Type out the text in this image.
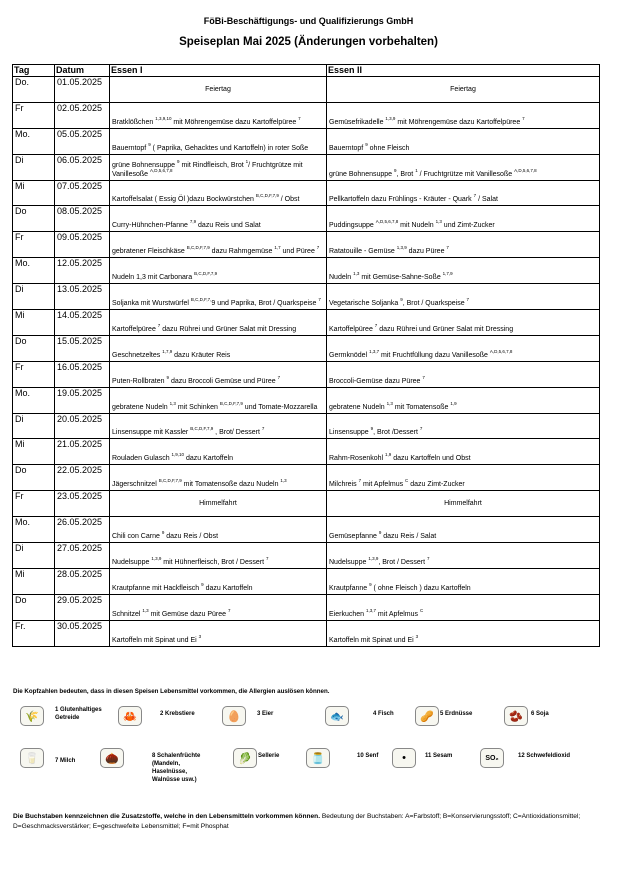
FöBi-Beschäftigungs- und Qualifizierungs GmbH
Speiseplan Mai 2025 (Änderungen vorbehalten)
Tag	Datum	Essen I	Essen II
Do.	01.05.2025	Feiertag	Feiertag
Fr	02.05.2025	Bratklößchen $^{1,3,9,10}$ mit Möhrengemüse dazu Kartoffelpüree $^7$	Gemüsefrikadelle $^{1,3,9}$ mit Möhrengemüse dazu Kartoffelpüree $^7$
Mo.	05.05.2025	Bauerntopf $^9$ ( Paprika, Gehacktes und Kartoffeln) in roter Soße	Bauerntopf $^9$ ohne Fleisch
Di	06.05.2025	grüne Bohnensuppe $^9$ mit Rindfleisch, Brot $^1$/ Fruchtgrütze mit Vanillesoße $^{A,D,5,6,7,8}$	grüne Bohnensuppe $^9$, Brot $^1$ / Fruchtgrütze mit Vanillesoße $^{A,D,5,6,7,8}$
Mi	07.05.2025	Kartoffelsalat ( Essig Öl )dazu Bockwürstchen $^{B,C,D,F,7,9}$ / Obst	Pellkartoffeln dazu Frühlings - Kräuter - Quark $^7$ / Salat
Do	08.05.2025	Curry-Hühnchen-Pfanne $^{7,9}$ dazu Reis und Salat	Puddingsuppe $^{A,D,5,6,7,8}$ mit Nudeln $^{1,3}$ und Zimt-Zucker
Fr	09.05.2025	gebratener Fleischkäse $^{B,C,D,F,7,9}$ dazu Rahmgemüse $^{1,7}$ und Püree $^7$	Ratatouille - Gemüse $^{1,3,9}$ dazu Püree $^7$
Mo.	12.05.2025	Nudeln 1,3 mit Carbonara $^{B,C,D,F,7,9}$	Nudeln $^{1,3}$ mit Gemüse-Sahne-Soße $^{1,7,9}$
Di	13.05.2025	Soljanka mit Wurstwürfel $^{B,C,D,F,7,}$9 und Paprika, Brot / Quarkspeise $^7$	Vegetarische Soljanka $^9$, Brot / Quarkspeise $^7$
Mi	14.05.2025	Kartoffelpüree $^7$ dazu Rührei und Grüner Salat mit Dressing	Kartoffelpüree $^7$ dazu Rührei und Grüner Salat mit Dressing
Do	15.05.2025	Geschnetzeltes $^{1,7,9}$ dazu Kräuter Reis	Germknödel $^{1,3,7}$ mit Fruchtfüllung dazu Vanillesoße $^{A,D,5,6,7,8}$
Fr	16.05.2025	Puten-Rollbraten $^9$ dazu Broccoli Gemüse und Püree $^7$	Broccoli-Gemüse dazu Püree $^7$
Mo.	19.05.2025	gebratene Nudeln $^{1,3}$ mit Schinken $^{B,C,D,F,7,9}$ und Tomate-Mozzarella	gebratene Nudeln $^{1,3}$ mit Tomatensoße $^{1,9}$
Di	20.05.2025	Linsensuppe mit Kassler $^{B,C,D,F,7,9}$ , Brot/ Dessert $^7$	Linsensuppe $^9$, Brot /Dessert $^7$
Mi	21.05.2025	Rouladen Gulasch $^{1,9,10}$ dazu Kartoffeln	Rahm-Rosenkohl $^{1,9}$ dazu Kartoffeln und Obst
Do	22.05.2025	Jägerschnitzel $^{B,C,D,F,7,9}$ mit Tomatensoße dazu Nudeln $^{1,3}$	Milchreis $^7$ mit Apfelmus $^C$ dazu Zimt-Zucker
Fr	23.05.2025	Himmelfahrt	Himmelfahrt
Mo.	26.05.2025	Chili con Carne $^9$ dazu Reis / Obst	Gemüsepfanne $^9$ dazu Reis / Salat
Di	27.05.2025	Nudelsuppe $^{1,3,9}$ mit Hühnerfleisch, Brot / Dessert $^7$	Nudelsuppe $^{1,3,9}$, Brot / Dessert $^7$
Mi	28.05.2025	Krautpfanne mit Hackfleisch $^9$ dazu Kartoffeln	Krautpfanne $^9$ ( ohne Fleisch ) dazu Kartoffeln
Do	29.05.2025	Schnitzel $^{1,3}$ mit Gemüse dazu Püree $^7$	Eierkuchen $^{1,3,7}$ mit Apfelmus $^C$
Fr.	30.05.2025	Kartoffeln mit Spinat und Ei $^3$	Kartoffeln mit Spinat und Ei $^3$
Die Kopfzahlen bedeuten, dass in diesen Speisen Lebensmittel vorkommen, die Allergien auslösen können.
🌾
1 Glutenhaltiges Getreide	🦀	2 Krebstiere	🥚	3 Eier	🐟	4 Fisch	🥜	5 Erdnüsse	🫘	6 Soja
🥛	7 Milch	🌰	8 Schalenfrüchte (Mandeln, Haselnüsse, Walnüsse usw.)
🥬	Sellerie	🫙	10 Senf	•	11 Sesam	SO₂	12 Schwefeldioxid
Die Buchstaben kennzeichnen die Zusatzstoffe, welche in den Lebensmitteln vorkommen können. Bedeutung der Buchstaben: A=Farbstoff; B=Konservierungsstoff; C=Antioxidationsmittel; D=Geschmacksverstärker; E=geschwefelte Lebensmittel; F=mit Phosphat
